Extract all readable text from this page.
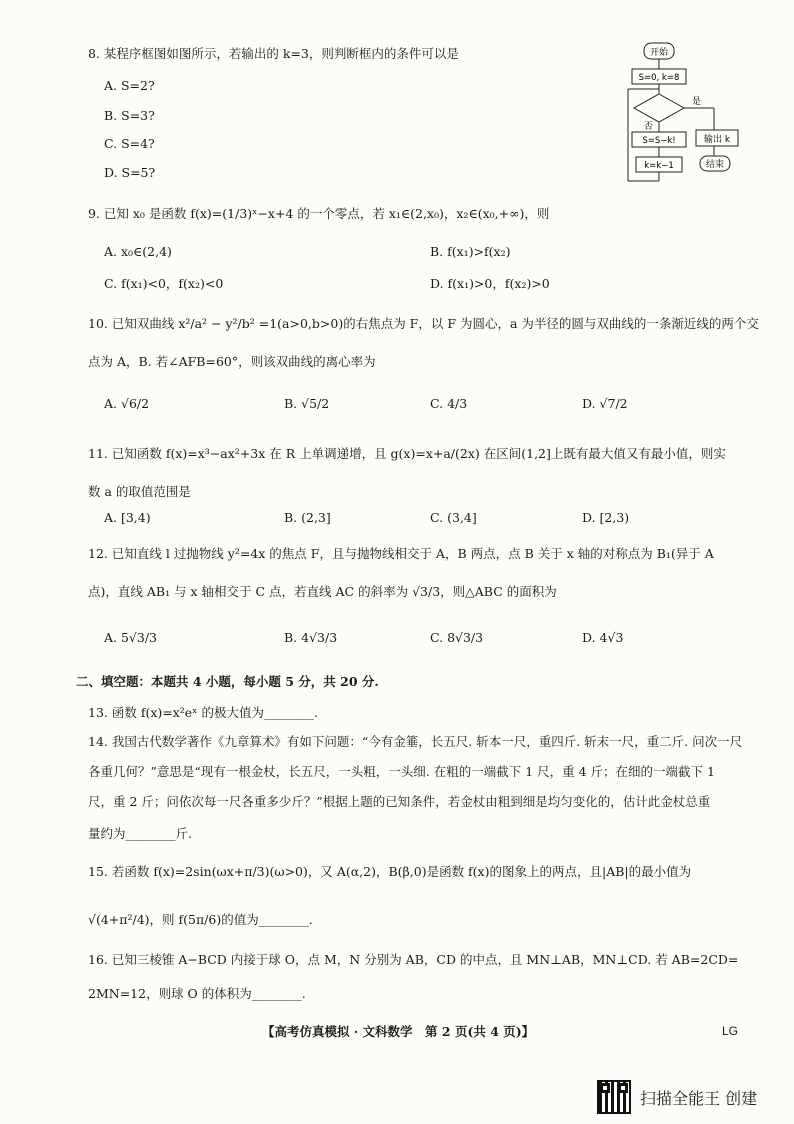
8. 某程序框图如图所示，若输出的 k=3，则判断框内的条件可以是
A. S=2?
B. S=3?
C. S=4?
D. S=5?
开始
S=0, k=8
是
否
输出 k
结束
S=S−k!
k=k−1
9. 已知 x₀ 是函数 f(x)=(1/3)ˣ−x+4 的一个零点，若 x₁∈(2,x₀)，x₂∈(x₀,+∞)，则
A. x₀∈(2,4)	B. f(x₁)>f(x₂)
C. f(x₁)<0，f(x₂)<0	D. f(x₁)>0，f(x₂)>0
10. 已知双曲线 x²/a² − y²/b² =1(a>0,b>0)的右焦点为 F，以 F 为圆心，a 为半径的圆与双曲线的一条渐近线的两个交
点为 A，B. 若∠AFB=60°，则该双曲线的离心率为
A. √6/2	B. √5/2	C. 4/3	D. √7/2
11. 已知函数 f(x)=x³−ax²+3x 在 R 上单调递增，且 g(x)=x+a/(2x) 在区间(1,2]上既有最大值又有最小值，则实
数 a 的取值范围是
A. [3,4)	B. (2,3]	C. (3,4]	D. [2,3)
12. 已知直线 l 过抛物线 y²=4x 的焦点 F，且与抛物线相交于 A，B 两点，点 B 关于 x 轴的对称点为 B₁(异于 A
点)，直线 AB₁ 与 x 轴相交于 C 点，若直线 AC 的斜率为 √3/3，则△ABC 的面积为
A. 5√3/3	B. 4√3/3	C. 8√3/3	D. 4√3
二、填空题：本题共 4 小题，每小题 5 分，共 20 分.
13. 函数 f(x)=x²eˣ 的极大值为________.
14. 我国古代数学著作《九章算术》有如下问题：“今有金箠，长五尺. 斩本一尺，重四斤. 斩末一尺，重二斤. 问次一尺
各重几何？”意思是“现有一根金杖，长五尺，一头粗，一头细. 在粗的一端截下 1 尺，重 4 斤；在细的一端截下 1
尺，重 2 斤；问依次每一尺各重多少斤？”根据上题的已知条件，若金杖由粗到细是均匀变化的，估计此金杖总重
量约为________斤.
15. 若函数 f(x)=2sin(ωx+π/3)(ω>0)，又 A(α,2)，B(β,0)是函数 f(x)的图象上的两点，且|AB|的最小值为
√(4+π²/4)，则 f(5π/6)的值为________.
16. 已知三棱锥 A−BCD 内接于球 O，点 M，N 分别为 AB，CD 的中点，且 MN⊥AB，MN⊥CD. 若 AB=2CD=
2MN=12，则球 O 的体积为________.
【高考仿真模拟 · 文科数学　第 2 页(共 4 页)】	LG
扫描全能王 创建
